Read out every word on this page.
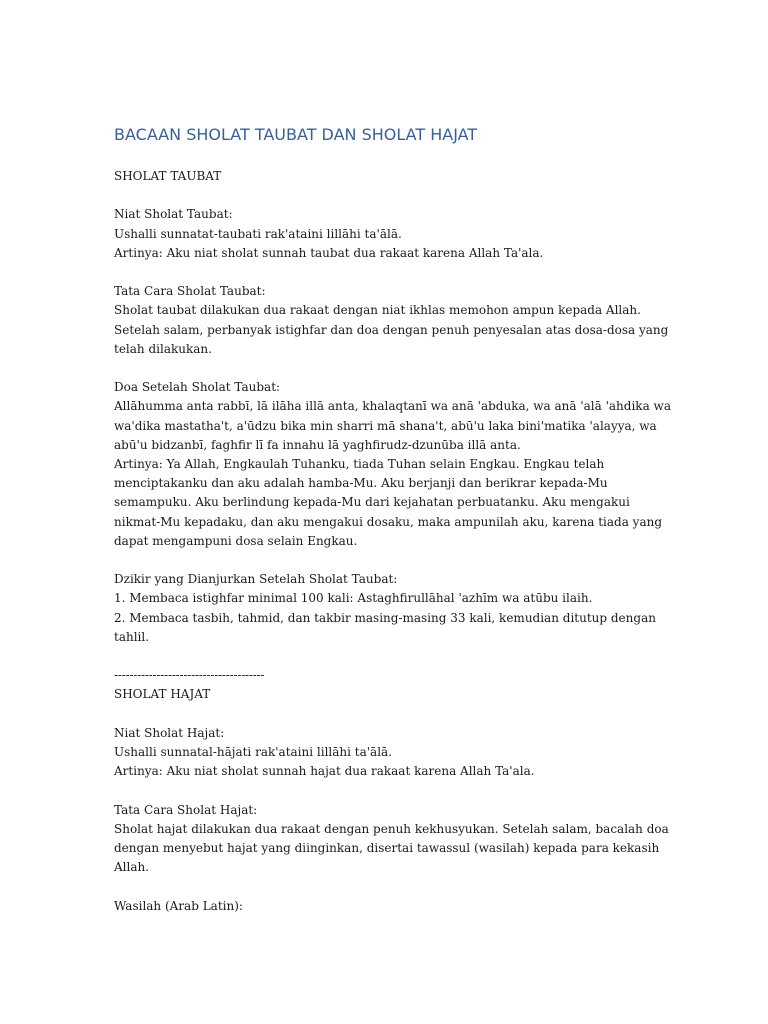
BACAAN SHOLAT TAUBAT DAN SHOLAT HAJAT
SHOLAT TAUBAT
Niat Sholat Taubat:
Ushalli sunnatat-taubati rak'ataini lillāhi ta'ālā.
Artinya: Aku niat sholat sunnah taubat dua rakaat karena Allah Ta'ala.
Tata Cara Sholat Taubat:
Sholat taubat dilakukan dua rakaat dengan niat ikhlas memohon ampun kepada Allah.
Setelah salam, perbanyak istighfar dan doa dengan penuh penyesalan atas dosa-dosa yang
telah dilakukan.
Doa Setelah Sholat Taubat:
Allāhumma anta rabbī, lā ilāha illā anta, khalaqtanī wa anā 'abduka, wa anā 'alā 'ahdika wa
wa'dika mastatha't, a'ūdzu bika min sharri mā shana't, abū'u laka bini'matika 'alayya, wa
abū'u bidzanbī, faghfir lī fa innahu lā yaghfirudz-dzunūba illā anta.
Artinya: Ya Allah, Engkaulah Tuhanku, tiada Tuhan selain Engkau. Engkau telah
menciptakanku dan aku adalah hamba-Mu. Aku berjanji dan berikrar kepada-Mu
semampuku. Aku berlindung kepada-Mu dari kejahatan perbuatanku. Aku mengakui
nikmat-Mu kepadaku, dan aku mengakui dosaku, maka ampunilah aku, karena tiada yang
dapat mengampuni dosa selain Engkau.
Dzikir yang Dianjurkan Setelah Sholat Taubat:
1. Membaca istighfar minimal 100 kali: Astaghfirullāhal 'azhīm wa atūbu ilaih.
2. Membaca tasbih, tahmid, dan takbir masing-masing 33 kali, kemudian ditutup dengan
tahlil.
---------------------------------------
SHOLAT HAJAT
Niat Sholat Hajat:
Ushalli sunnatal-hājati rak'ataini lillāhi ta'ālā.
Artinya: Aku niat sholat sunnah hajat dua rakaat karena Allah Ta'ala.
Tata Cara Sholat Hajat:
Sholat hajat dilakukan dua rakaat dengan penuh kekhusyukan. Setelah salam, bacalah doa
dengan menyebut hajat yang diinginkan, disertai tawassul (wasilah) kepada para kekasih
Allah.
Wasilah (Arab Latin):
